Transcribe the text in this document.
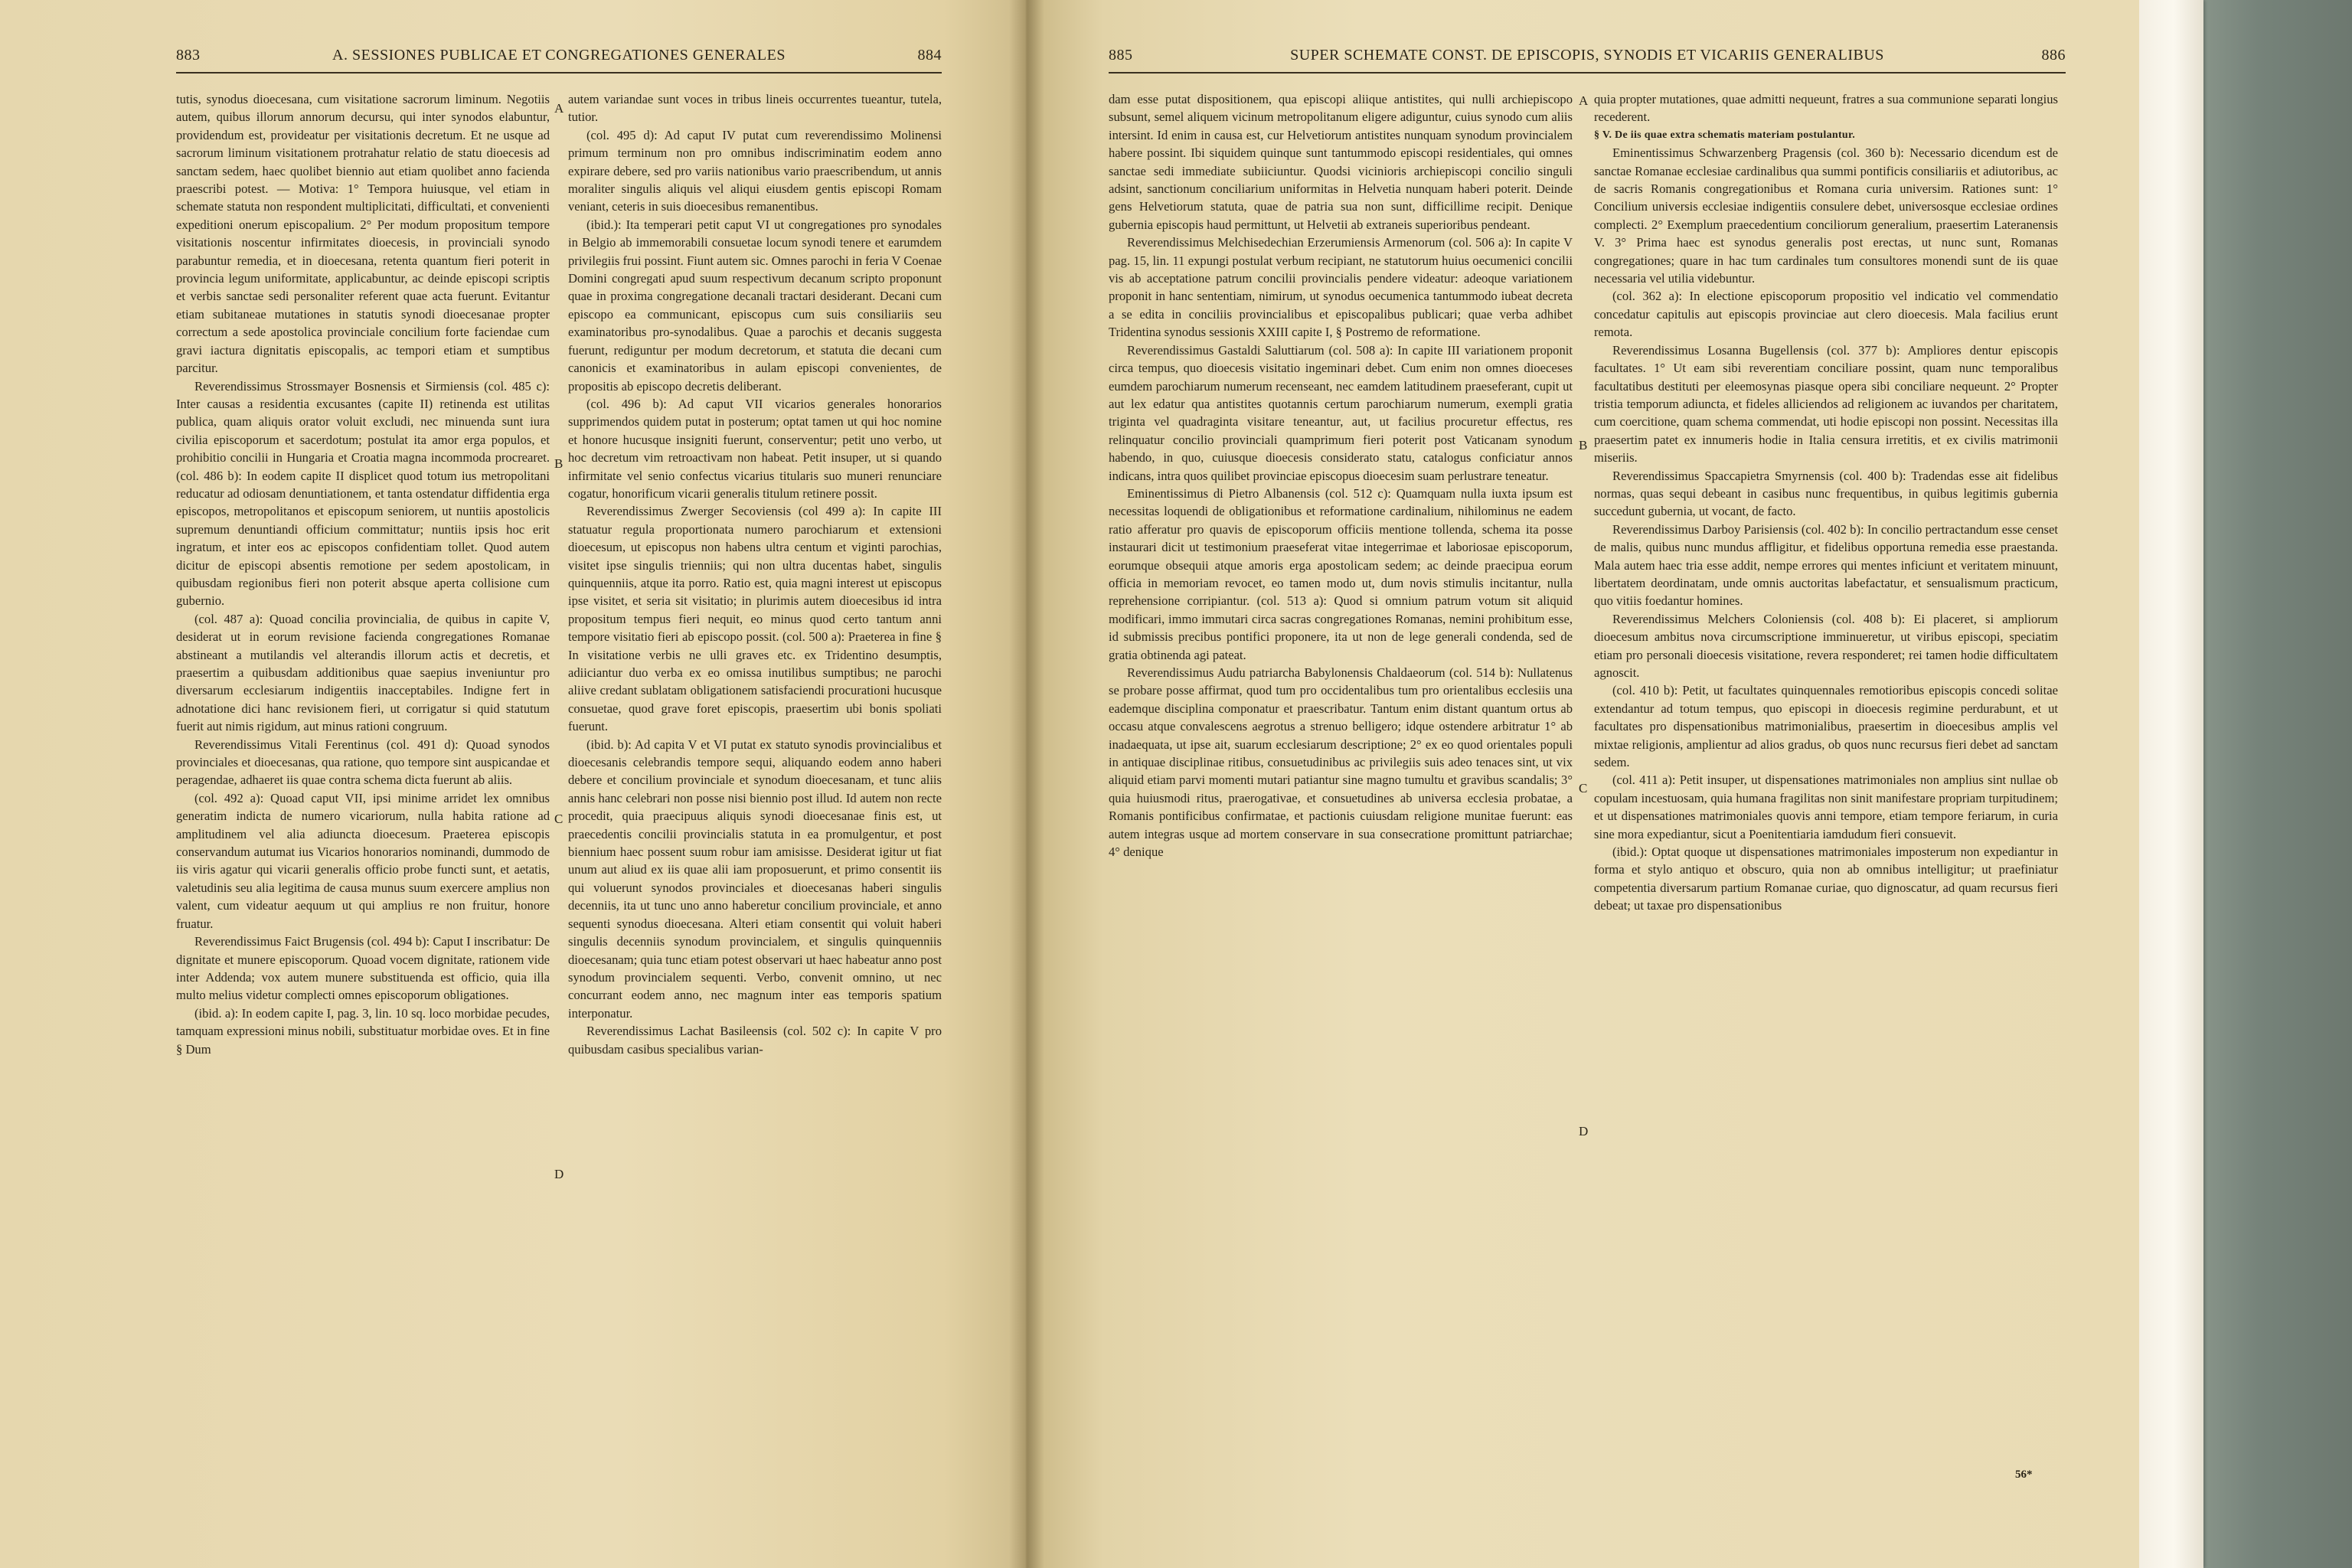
883	A. SESSIONES PUBLICAE ET CONGREGATIONES GENERALES	884

tutis, synodus dioecesana, cum visitatione sacrorum liminum. Negotiis autem, quibus illorum annorum decursu, qui inter synodos elabuntur, providendum est, provideatur per visitationis decretum. Et ne usque ad sacrorum liminum visitationem protrahatur relatio de statu dioecesis ad sanctam sedem, haec quolibet biennio aut etiam quolibet anno facienda praescribi potest. — Motiva: 1° Tempora huiusque, vel etiam in schemate statuta non respondent multiplicitati, difficultati, et convenienti expeditioni onerum episcopalium. 2° Per modum propositum tempore visitationis noscentur infirmitates dioecesis, in provinciali synodo parabuntur remedia, et in dioecesana, retenta quantum fieri poterit in provincia legum uniformitate, applicabuntur, ac deinde episcopi scriptis et verbis sanctae sedi personaliter referent quae acta fuerunt. Evitantur etiam subitaneae mutationes in statutis synodi dioecesanae propter correctum a sede apostolica provinciale concilium forte faciendae cum gravi iactura dignitatis episcopalis, ac tempori etiam et sumptibus parcitur.

Reverendissimus Strossmayer Bosnensis et Sirmiensis (col. 485 c): Inter causas a residentia excusantes (capite II) retinenda est utilitas publica, quam aliquis orator voluit excludi, nec minuenda sunt iura civilia episcoporum et sacerdotum; postulat ita amor erga populos, et prohibitio concilii in Hungaria et Croatia magna incommoda procrearet. (col. 486 b): In eodem capite II displicet quod totum ius metropolitani reducatur ad odiosam denuntiationem, et tanta ostendatur diffidentia erga episcopos, metropolitanos et episcopum seniorem, ut nuntiis apostolicis supremum denuntiandi officium committatur; nuntiis ipsis hoc erit ingratum, et inter eos ac episcopos confidentiam tollet. Quod autem dicitur de episcopi absentis remotione per sedem apostolicam, in quibusdam regionibus fieri non poterit absque aperta collisione cum gubernio.

(col. 487 a): Quoad concilia provincialia, de quibus in capite V, desiderat ut in eorum revisione facienda congregationes Romanae abstineant a mutilandis vel alterandis illorum actis et decretis, et praesertim a quibusdam additionibus quae saepius inveniuntur pro diversarum ecclesiarum indigentiis inacceptabiles. Indigne fert in adnotatione dici hanc revisionem fieri, ut corrigatur si quid statutum fuerit aut nimis rigidum, aut minus rationi congruum.

Reverendissimus Vitali Ferentinus (col. 491 d): Quoad synodos provinciales et dioecesanas, qua ratione, quo tempore sint auspicandae et peragendae, adhaeret iis quae contra schema dicta fuerunt ab aliis.

(col. 492 a): Quoad caput VII, ipsi minime arridet lex omnibus generatim indicta de numero vicariorum, nulla habita ratione ad amplitudinem vel alia adiuncta dioecesum. Praeterea episcopis conservandum autumat ius Vicarios honorarios nominandi, dummodo de iis viris agatur qui vicarii generalis officio probe functi sunt, et aetatis, valetudinis seu alia legitima de causa munus suum exercere amplius non valent, cum videatur aequum ut qui amplius re non fruitur, honore fruatur.

Reverendissimus Faict Brugensis (col. 494 b): Caput I inscribatur: De dignitate et munere episcoporum. Quoad vocem dignitate, rationem vide inter Addenda; vox autem munere substituenda est officio, quia illa multo melius videtur complecti omnes episcoporum obligationes.

(ibid. a): In eodem capite I, pag. 3, lin. 10 sq. loco morbidae pecudes, tamquam expressioni minus nobili, substituatur morbidae oves. Et in fine § Dum

autem variandae sunt voces in tribus lineis occurrentes tueantur, tutela, tutior.

(col. 495 d): Ad caput IV putat cum reverendissimo Molinensi primum terminum non pro omnibus indiscriminatim eodem anno expirare debere, sed pro variis nationibus vario praescribendum, ut annis moraliter singulis aliquis vel aliqui eiusdem gentis episcopi Romam veniant, ceteris in suis dioecesibus remanentibus.

(ibid.): Ita temperari petit caput VI ut congregationes pro synodales in Belgio ab immemorabili consuetae locum synodi tenere et earumdem privilegiis frui possint. Fiunt autem sic. Omnes parochi in feria V Coenae Domini congregati apud suum respectivum decanum scripto proponunt quae in proxima congregatione decanali tractari desiderant. Decani cum episcopo ea communicant, episcopus cum suis consiliariis seu examinatoribus pro-synodalibus. Quae a parochis et decanis suggesta fuerunt, rediguntur per modum decretorum, et statuta die decani cum canonicis et examinatoribus in aulam episcopi convenientes, de propositis ab episcopo decretis deliberant.

(col. 496 b): Ad caput VII vicarios generales honorarios supprimendos quidem putat in posterum; optat tamen ut qui hoc nomine et honore hucusque insigniti fuerunt, conserventur; petit uno verbo, ut hoc decretum vim retroactivam non habeat. Petit insuper, ut si quando infirmitate vel senio confectus vicarius titularis suo muneri renunciare cogatur, honorificum vicarii generalis titulum retinere possit.

Reverendissimus Zwerger Secoviensis (col 499 a): In capite III statuatur regula proportionata numero parochiarum et extensioni dioecesum, ut episcopus non habens ultra centum et viginti parochias, visitet ipse singulis trienniis; qui non ultra ducentas habet, singulis quinquenniis, atque ita porro. Ratio est, quia magni interest ut episcopus ipse visitet, et seria sit visitatio; in plurimis autem dioecesibus id intra propositum tempus fieri nequit, eo minus quod certo tantum anni tempore visitatio fieri ab episcopo possit. (col. 500 a): Praeterea in fine § In visitatione verbis ne ulli graves etc. ex Tridentino desumptis, adiiciantur duo verba ex eo omissa inutilibus sumptibus; ne parochi aliive credant sublatam obligationem satisfaciendi procurationi hucusque consuetae, quod grave foret episcopis, praesertim ubi bonis spoliati fuerunt.

(ibid. b): Ad capita V et VI putat ex statuto synodis provincialibus et dioecesanis celebrandis tempore sequi, aliquando eodem anno haberi debere et concilium provinciale et synodum dioecesanam, et tunc aliis annis hanc celebrari non posse nisi biennio post illud. Id autem non recte procedit, quia praecipuus aliquis synodi dioecesanae finis est, ut praecedentis concilii provincialis statuta in ea promulgentur, et post biennium haec possent suum robur iam amisisse. Desiderat igitur ut fiat unum aut aliud ex iis quae alii iam proposuerunt, et primo consentit iis qui voluerunt synodos provinciales et dioecesanas haberi singulis decenniis, ita ut tunc uno anno haberetur concilium provinciale, et anno sequenti synodus dioecesana. Alteri etiam consentit qui voluit haberi singulis decenniis synodum provincialem, et singulis quinquenniis dioecesanam; quia tunc etiam potest observari ut haec habeatur anno post synodum provincialem sequenti. Verbo, convenit omnino, ut nec concurrant eodem anno, nec magnum inter eas temporis spatium interponatur.

Reverendissimus Lachat Basileensis (col. 502 c): In capite V pro quibusdam casibus specialibus varian-

A
B
C
D
885	SUPER SCHEMATE CONST. DE EPISCOPIS, SYNODIS ET VICARIIS GENERALIBUS	886

dam esse putat dispositionem, qua episcopi aliique antistites, qui nulli archiepiscopo subsunt, semel aliquem vicinum metropolitanum eligere adiguntur, cuius synodo cum aliis intersint. Id enim in causa est, cur Helvetiorum antistites nunquam synodum provincialem habere possint. Ibi siquidem quinque sunt tantummodo episcopi residentiales, qui omnes sanctae sedi immediate subiiciuntur. Quodsi vicinioris archiepiscopi concilio singuli adsint, sanctionum conciliarium uniformitas in Helvetia nunquam haberi poterit. Deinde gens Helvetiorum statuta, quae de patria sua non sunt, difficillime recipit. Denique gubernia episcopis haud permittunt, ut Helvetii ab extraneis superioribus pendeant.

Reverendissimus Melchisedechian Erzerumiensis Armenorum (col. 506 a): In capite V pag. 15, lin. 11 expungi postulat verbum recipiant, ne statutorum huius oecumenici concilii vis ab acceptatione patrum concilii provincialis pendere videatur: adeoque variationem proponit in hanc sententiam, nimirum, ut synodus oecumenica tantummodo iubeat decreta a se edita in conciliis provincialibus et episcopalibus publicari; quae verba adhibet Tridentina synodus sessionis XXIII capite I, § Postremo de reformatione.

Reverendissimus Gastaldi Saluttiarum (col. 508 a): In capite III variationem proponit circa tempus, quo dioecesis visitatio ingeminari debet. Cum enim non omnes dioeceses eumdem parochiarum numerum recenseant, nec eamdem latitudinem praeseferant, cupit ut aut lex edatur qua antistites quotannis certum parochiarum numerum, exempli gratia triginta vel quadraginta visitare teneantur, aut, ut facilius procuretur effectus, res relinquatur concilio provinciali quamprimum fieri poterit post Vaticanam synodum habendo, in quo, cuiusque dioecesis considerato statu, catalogus conficiatur annos indicans, intra quos quilibet provinciae episcopus dioecesim suam perlustrare teneatur.

Eminentissimus di Pietro Albanensis (col. 512 c): Quamquam nulla iuxta ipsum est necessitas loquendi de obligationibus et reformatione cardinalium, nihilominus ne eadem ratio afferatur pro quavis de episcoporum officiis mentione tollenda, schema ita posse instaurari dicit ut testimonium praeseferat vitae integerrimae et laboriosae episcoporum, eorumque obsequii atque amoris erga apostolicam sedem; ac deinde praecipua eorum officia in memoriam revocet, eo tamen modo ut, dum novis stimulis incitantur, nulla reprehensione corripiantur. (col. 513 a): Quod si omnium patrum votum sit aliquid modificari, immo immutari circa sacras congregationes Romanas, nemini prohibitum esse, id submissis precibus pontifici proponere, ita ut non de lege generali condenda, sed de gratia obtinenda agi pateat.

Reverendissimus Audu patriarcha Babylonensis Chaldaeorum (col. 514 b): Nullatenus se probare posse affirmat, quod tum pro occidentalibus tum pro orientalibus ecclesiis una eademque disciplina componatur et praescribatur. Tantum enim distant quantum ortus ab occasu atque convalescens aegrotus a strenuo belligero; idque ostendere arbitratur 1° ab inadaequata, ut ipse ait, suarum ecclesiarum descriptione; 2° ex eo quod orientales populi in antiquae disciplinae ritibus, consuetudinibus ac privilegiis suis adeo tenaces sint, ut vix aliquid etiam parvi momenti mutari patiantur sine magno tumultu et gravibus scandalis; 3° quia huiusmodi ritus, praerogativae, et consuetudines ab universa ecclesia probatae, a Romanis pontificibus confirmatae, et pactionis cuiusdam religione munitae fuerunt: eas autem integras usque ad mortem conservare in sua consecratione promittunt patriarchae; 4° denique

quia propter mutationes, quae admitti nequeunt, fratres a sua communione separati longius recederent.

§ V. De iis quae extra schematis materiam postulantur.

Eminentissimus Schwarzenberg Pragensis (col. 360 b): Necessario dicendum est de sanctae Romanae ecclesiae cardinalibus qua summi pontificis consiliariis et adiutoribus, ac de sacris Romanis congregationibus et Romana curia universim. Rationes sunt: 1° Concilium universis ecclesiae indigentiis consulere debet, universosque ecclesiae ordines complecti. 2° Exemplum praecedentium conciliorum generalium, praesertim Lateranensis V. 3° Prima haec est synodus generalis post erectas, ut nunc sunt, Romanas congregationes; quare in hac tum cardinales tum consultores monendi sunt de iis quae necessaria vel utilia videbuntur.

(col. 362 a): In electione episcoporum propositio vel indicatio vel commendatio concedatur capitulis aut episcopis provinciae aut clero dioecesis. Mala facilius erunt remota.

Reverendissimus Losanna Bugellensis (col. 377 b): Ampliores dentur episcopis facultates. 1° Ut eam sibi reverentiam conciliare possint, quam nunc temporalibus facultatibus destituti per eleemosynas piasque opera sibi conciliare nequeunt. 2° Propter tristia temporum adiuncta, et fideles alliciendos ad religionem ac iuvandos per charitatem, cum coercitione, quam schema commendat, uti hodie episcopi non possint. Necessitas illa praesertim patet ex innumeris hodie in Italia censura irretitis, et ex civilis matrimonii miseriis.

Reverendissimus Spaccapietra Smyrnensis (col. 400 b): Tradendas esse ait fidelibus normas, quas sequi debeant in casibus nunc frequentibus, in quibus legitimis gubernia succedunt gubernia, ut vocant, de facto.

Reverendissimus Darboy Parisiensis (col. 402 b): In concilio pertractandum esse censet de malis, quibus nunc mundus affligitur, et fidelibus opportuna remedia esse praestanda. Mala autem haec tria esse addit, nempe errores qui mentes inficiunt et veritatem minuunt, libertatem deordinatam, unde omnis auctoritas labefactatur, et sensualismum practicum, quo vitiis foedantur homines.

Reverendissimus Melchers Coloniensis (col. 408 b): Ei placeret, si ampliorum dioecesum ambitus nova circumscriptione imminueretur, ut viribus episcopi, speciatim etiam pro personali dioecesis visitatione, revera responderet; rei tamen hodie difficultatem agnoscit.

(col. 410 b): Petit, ut facultates quinquennales remotioribus episcopis concedi solitae extendantur ad totum tempus, quo episcopi in dioecesis regimine perdurabunt, et ut facultates pro dispensationibus matrimonialibus, praesertim in dioecesibus amplis vel mixtae religionis, amplientur ad alios gradus, ob quos nunc recursus fieri debet ad sanctam sedem.

(col. 411 a): Petit insuper, ut dispensationes matrimoniales non amplius sint nullae ob copulam incestuosam, quia humana fragilitas non sinit manifestare propriam turpitudinem; et ut dispensationes matrimoniales quovis anni tempore, etiam tempore feriarum, in curia sine mora expediantur, sicut a Poenitentiaria iamdudum fieri consuevit.

(ibid.): Optat quoque ut dispensationes matrimoniales imposterum non expediantur in forma et stylo antiquo et obscuro, quia non ab omnibus intelligitur; ut praefiniatur competentia diversarum partium Romanae curiae, quo dignoscatur, ad quam recursus fieri debeat; ut taxae pro dispensationibus

A
B
C
D
56*
